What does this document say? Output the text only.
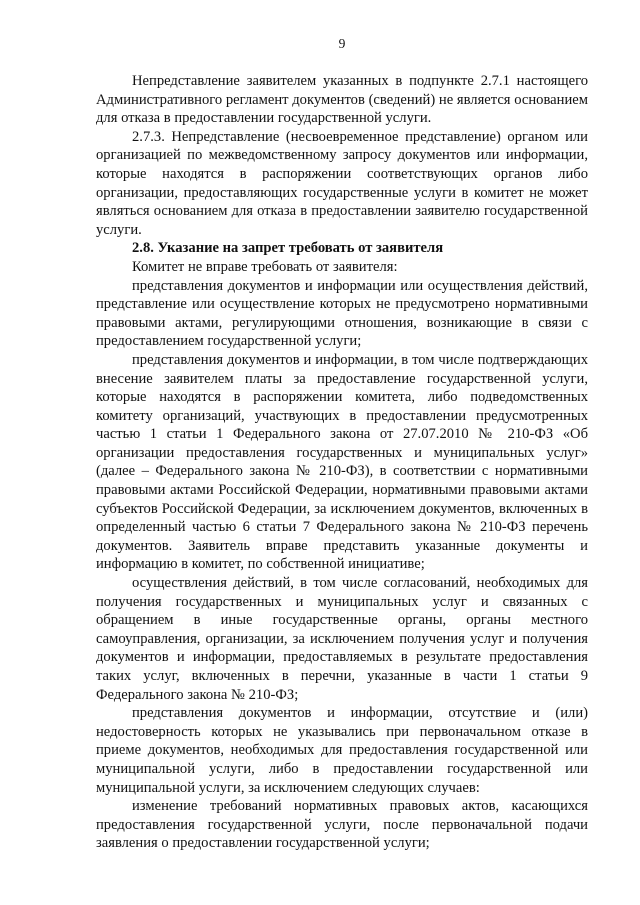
9

Непредставление заявителем указанных в подпункте 2.7.1 настоящего Административного регламент документов (сведений) не является основанием для отказа в предоставлении государственной услуги.

2.7.3. Непредставление (несвоевременное представление) органом или организацией по межведомственному запросу документов или информации, которые находятся в распоряжении соответствующих органов либо организации, предоставляющих государственные услуги в комитет не может являться основанием для отказа в предоставлении заявителю государственной услуги.

2.8. Указание на запрет требовать от заявителя

Комитет не вправе требовать от заявителя:

представления документов и информации или осуществления действий, представление или осуществление которых не предусмотрено нормативными правовыми актами, регулирующими отношения, возникающие в связи с предоставлением государственной услуги;

представления документов и информации, в том числе подтверждающих внесение заявителем платы за предоставление государственной услуги, которые находятся в распоряжении комитета, либо подведомственных комитету организаций, участвующих в предоставлении предусмотренных частью 1 статьи 1 Федерального закона от 27.07.2010 № 210-ФЗ «Об организации предоставления государственных и муниципальных услуг» (далее – Федерального закона № 210-ФЗ), в соответствии с нормативными правовыми актами Российской Федерации, нормативными правовыми актами субъектов Российской Федерации, за исключением документов, включенных в определенный частью 6 статьи 7 Федерального закона № 210-ФЗ перечень документов. Заявитель вправе представить указанные документы и информацию в комитет, по собственной инициативе;

осуществления действий, в том числе согласований, необходимых для получения государственных и муниципальных услуг и связанных с обращением в иные государственные органы, органы местного самоуправления, организации, за исключением получения услуг и получения документов и информации, предоставляемых в результате предоставления таких услуг, включенных в перечни, указанные в части 1 статьи 9 Федерального закона № 210-ФЗ;

представления документов и информации, отсутствие и (или) недостоверность которых не указывались при первоначальном отказе в приеме документов, необходимых для предоставления государственной или муниципальной услуги, либо в предоставлении государственной или муниципальной услуги, за исключением следующих случаев:

изменение требований нормативных правовых актов, касающихся предоставления государственной услуги, после первоначальной подачи заявления о предоставлении государственной услуги;
